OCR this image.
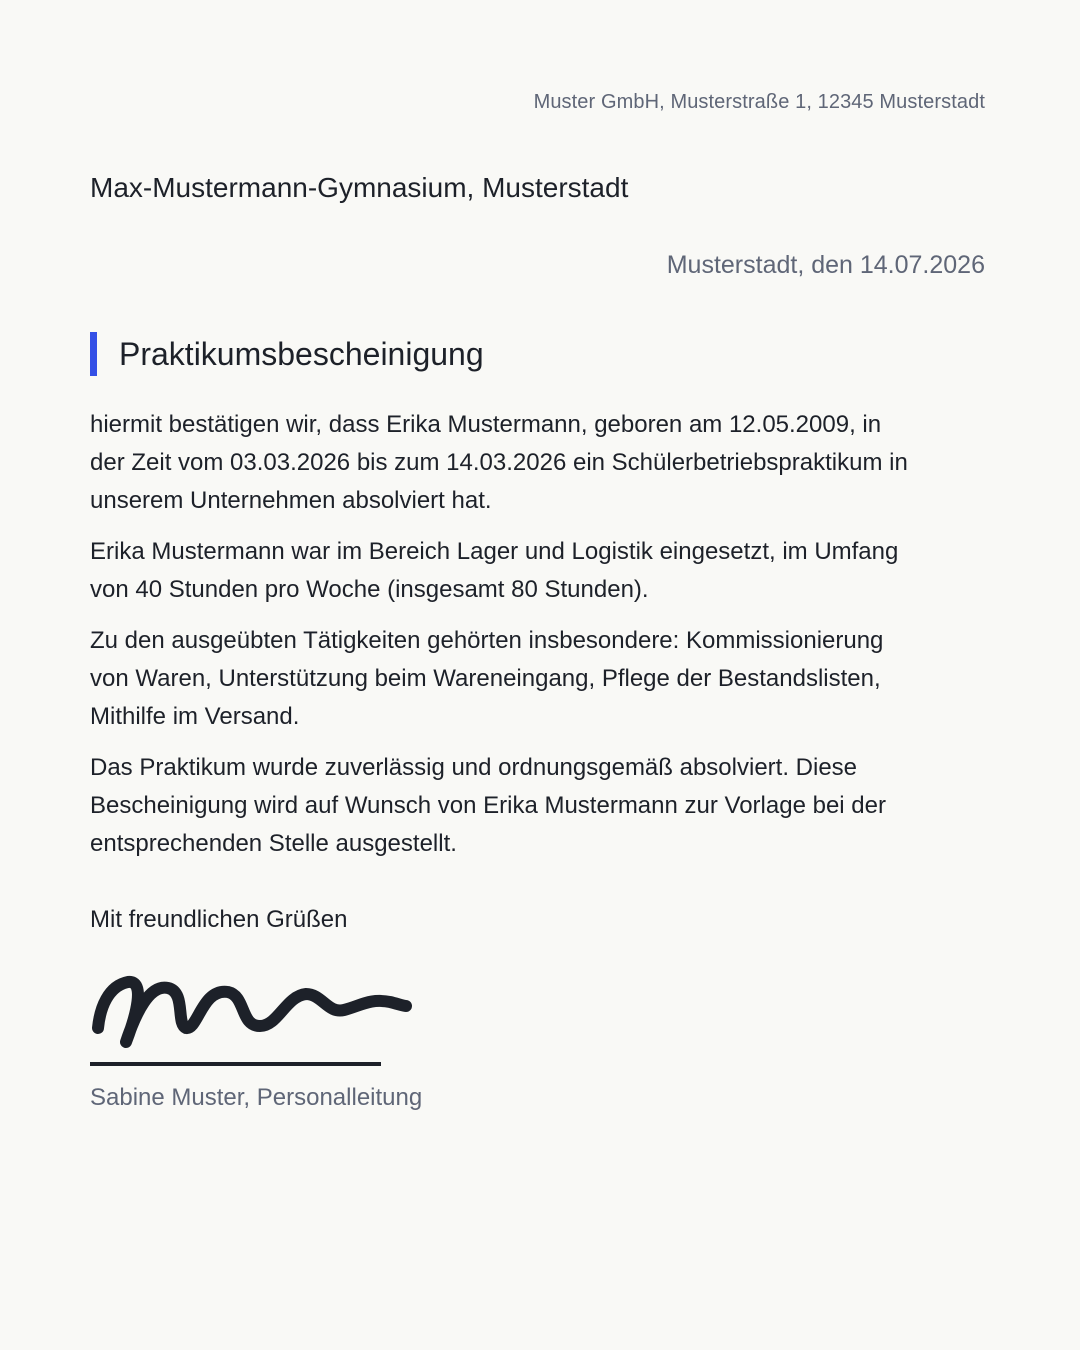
Muster GmbH, Musterstraße 1, 12345 Musterstadt
Max-Mustermann-Gymnasium, Musterstadt
Musterstadt, den 14.07.2026
Praktikumsbescheinigung

hiermit bestätigen wir, dass Erika Mustermann, geboren am 12.05.2009, in der Zeit vom 03.03.2026 bis zum 14.03.2026 ein Schülerbetriebspraktikum in unserem Unternehmen absolviert hat.

Erika Mustermann war im Bereich Lager und Logistik eingesetzt, im Umfang von 40 Stunden pro Woche (insgesamt 80 Stunden).

Zu den ausgeübten Tätigkeiten gehörten insbesondere: Kommissionierung von Waren, Unterstützung beim Wareneingang, Pflege der Bestandslisten, Mithilfe im Versand.

Das Praktikum wurde zuverlässig und ordnungsgemäß absolviert. Diese Bescheinigung wird auf Wunsch von Erika Mustermann zur Vorlage bei der entsprechenden Stelle ausgestellt.

Mit freundlichen Grüßen
Sabine Muster, Personalleitung
